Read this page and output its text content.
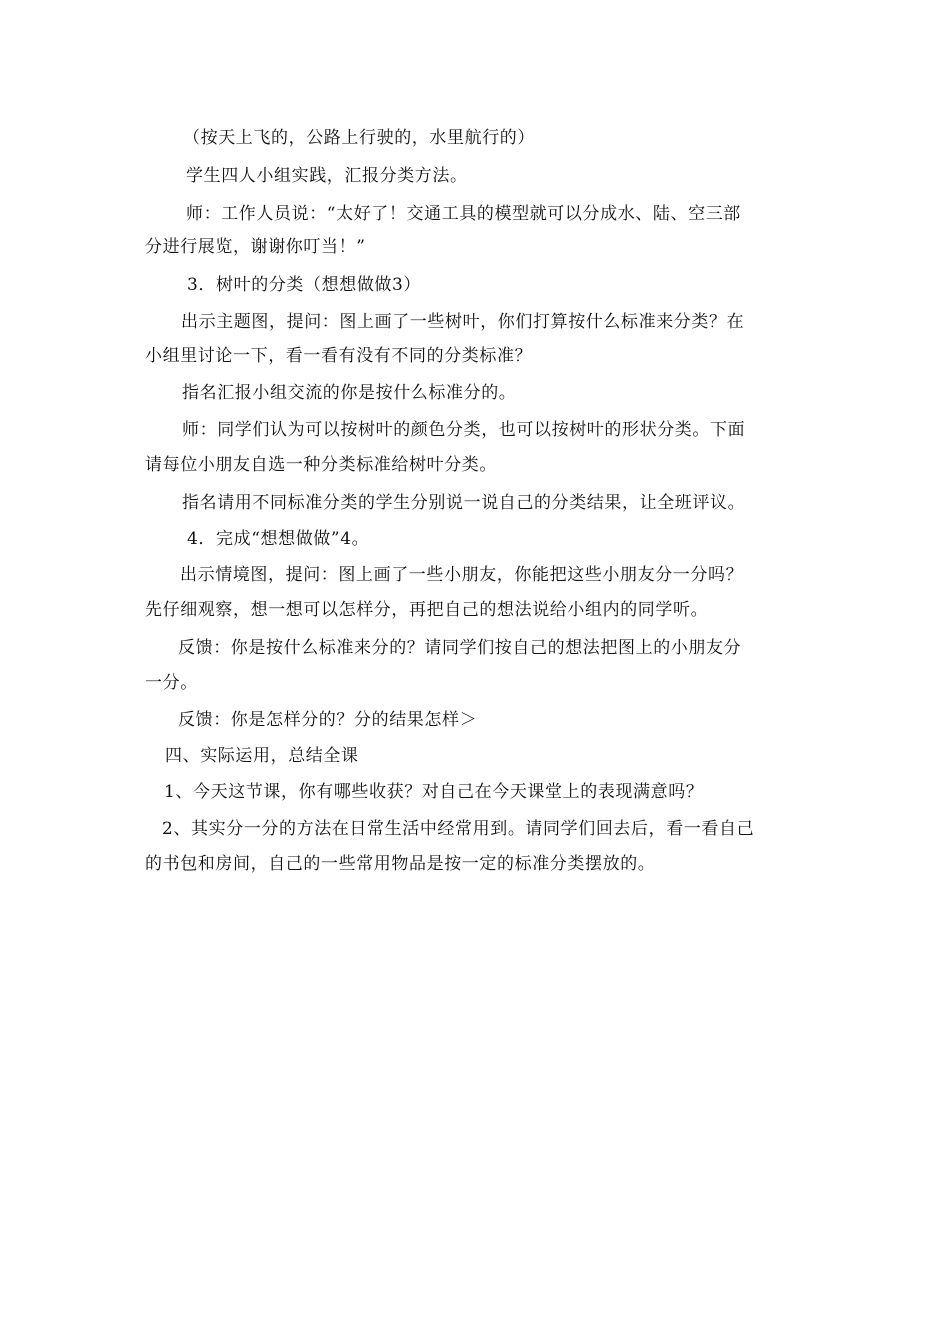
（按天上飞的，公路上行驶的，水里航行的）
学生四人小组实践，汇报分类方法。
师：工作人员说：“太好了！交通工具的模型就可以分成水、陆、空三部
分进行展览，谢谢你叮当！”
3．树叶的分类（想想做做3）
出示主题图，提问：图上画了一些树叶，你们打算按什么标准来分类？在
小组里讨论一下，看一看有没有不同的分类标准？
指名汇报小组交流的你是按什么标准分的。
师：同学们认为可以按树叶的颜色分类，也可以按树叶的形状分类。下面
请每位小朋友自选一种分类标准给树叶分类。
指名请用不同标准分类的学生分别说一说自己的分类结果，让全班评议。
4．完成“想想做做”4。
出示情境图，提问：图上画了一些小朋友，你能把这些小朋友分一分吗？
先仔细观察，想一想可以怎样分，再把自己的想法说给小组内的同学听。
反馈：你是按什么标准来分的？请同学们按自己的想法把图上的小朋友分
一分。
反馈：你是怎样分的？分的结果怎样＞
四、实际运用，总结全课
1、今天这节课，你有哪些收获？对自己在今天课堂上的表现满意吗？
2、其实分一分的方法在日常生活中经常用到。请同学们回去后，看一看自己
的书包和房间，自己的一些常用物品是按一定的标准分类摆放的。
